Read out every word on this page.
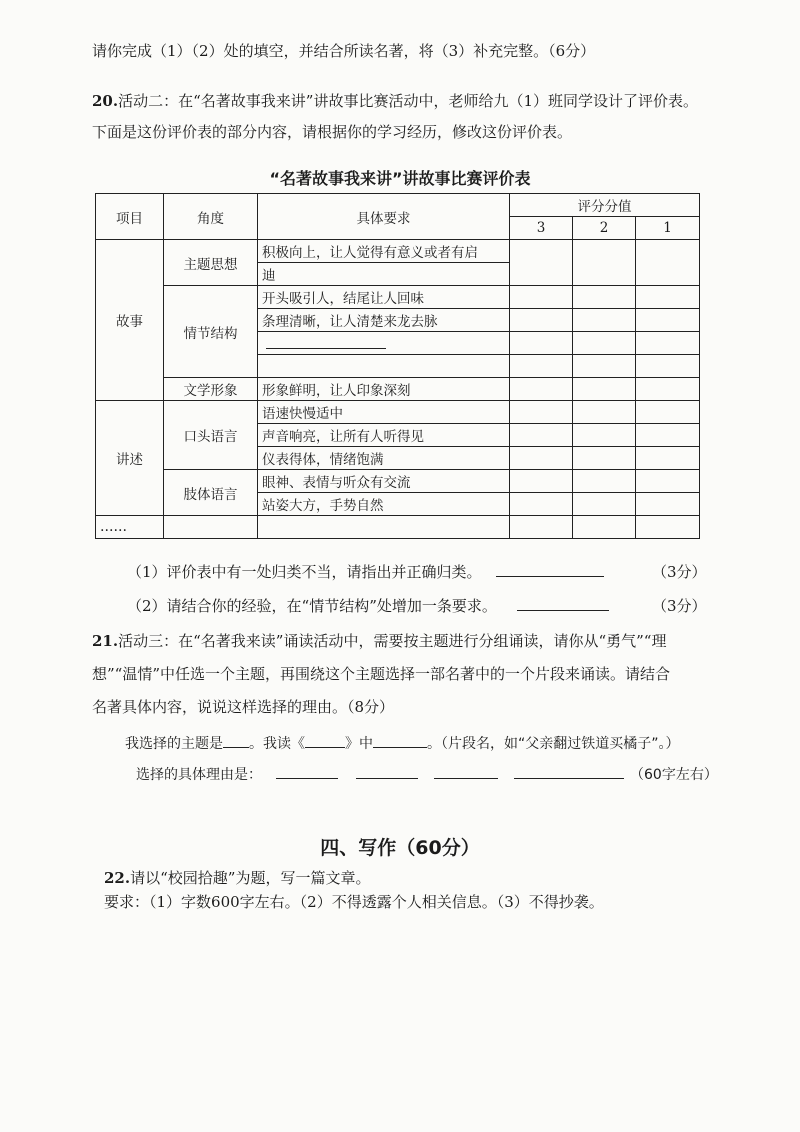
请你完成（1）（2）处的填空，并结合所读名著，将（3）补充完整。（6分）
20.活动二：在“名著故事我来讲”讲故事比赛活动中，老师给九（1）班同学设计了评价表。
下面是这份评价表的部分内容，请根据你的学习经历，修改这份评价表。
“名著故事我来讲”讲故事比赛评价表
项目	角度	具体要求	评分分值		
			3	2	1
故事	主题思想	积极向上，让人觉得有意义或者有启			
		迪			
	情节结构	开头吸引人，结尾让人回味			
		条理清晰，让人清楚来龙去脉			

	文学形象	形象鲜明，让人印象深刻			
讲述	口头语言	语速快慢适中			
		声音响亮，让所有人听得见			
		仪表得体，情绪饱满			
	肢体语言	眼神、表情与听众有交流			
		站姿大方，手势自然			
……					
（1）评价表中有一处归类不当，请指出并正确归类。	（3分）
（2）请结合你的经验，在“情节结构”处增加一条要求。	（3分）
21.活动三：在“名著我来读”诵读活动中，需要按主题进行分组诵读，请你从“勇气”“理
想”“温情”中任选一个主题，再围绕这个主题选择一部名著中的一个片段来诵读。请结合
名著具体内容，说说这样选择的理由。（8分）
我选择的主题是 。我读《	》中	。（片段名，如“父亲翻过铁道买橘子”。）
选择的具体理由是：	（60字左右）
四、写作（60分）
22.请以“校园拾趣”为题，写一篇文章。
要求：（1）字数600字左右。（2）不得透露个人相关信息。（3）不得抄袭。
